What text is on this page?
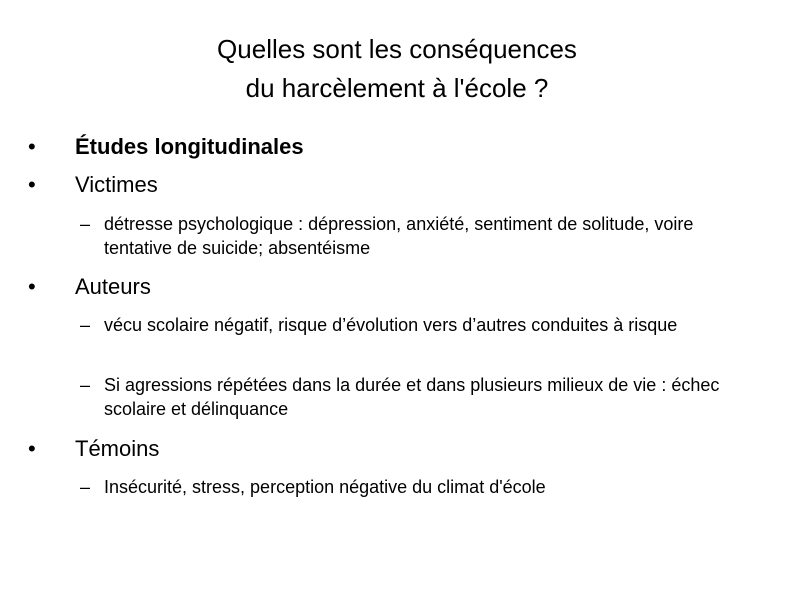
Quelles sont les conséquences
du harcèlement à l'école ?
• Études longitudinales
• Victimes
– détresse psychologique : dépression, anxiété, sentiment de solitude, voire tentative de suicide; absentéisme
• Auteurs
– vécu scolaire négatif, risque d’évolution vers d’autres conduites à risque
– Si agressions répétées dans la durée et dans plusieurs milieux de vie : échec scolaire et délinquance
• Témoins
– Insécurité, stress, perception négative du climat d'école
